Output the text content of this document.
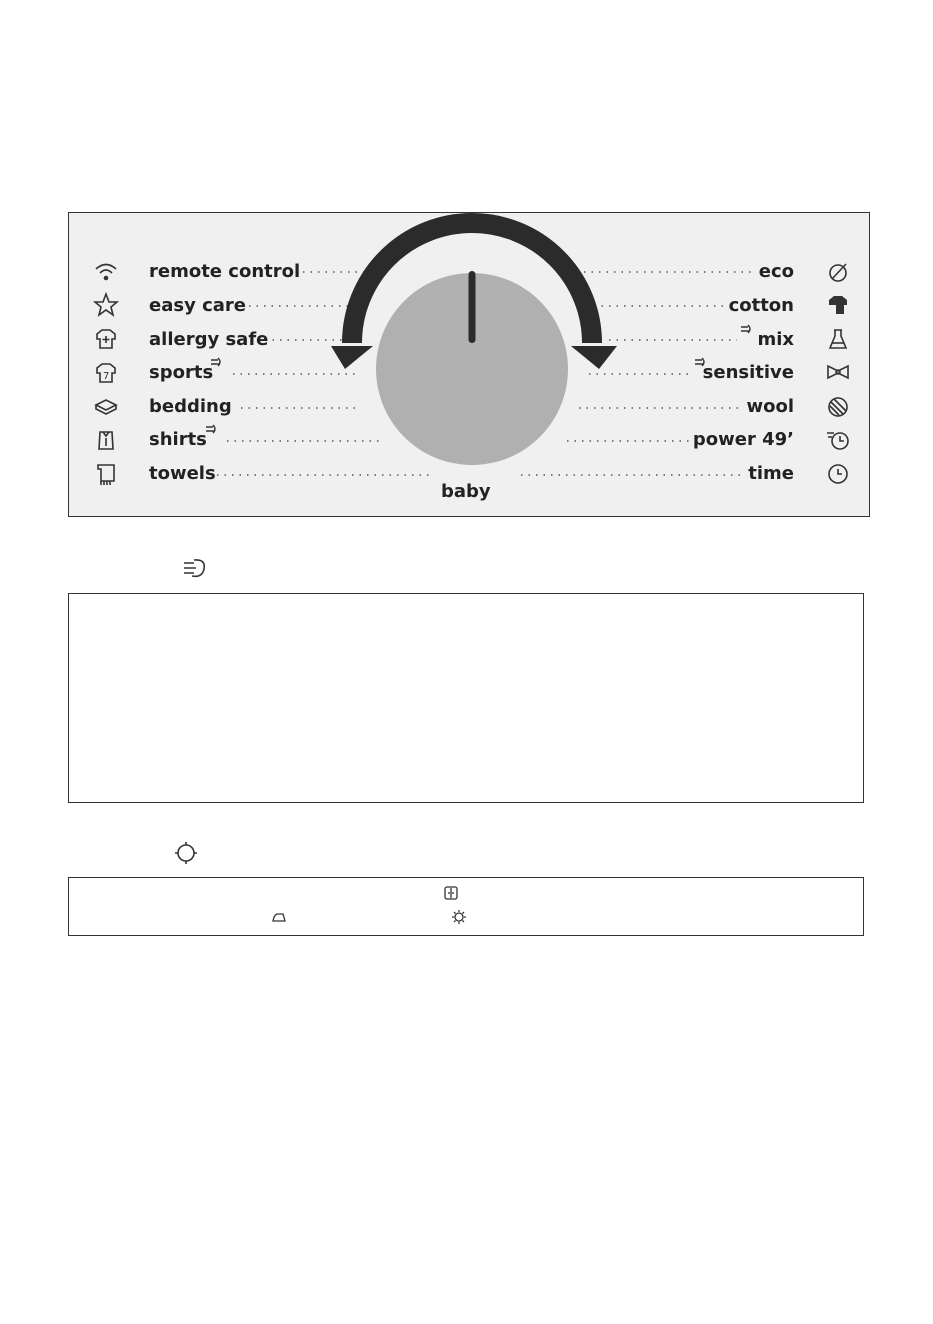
7
remote control
easy care
allergy safe
sports
bedding
shirts
towels
eco
cotton
mix
sensitive
wool
power 49’
time
baby
